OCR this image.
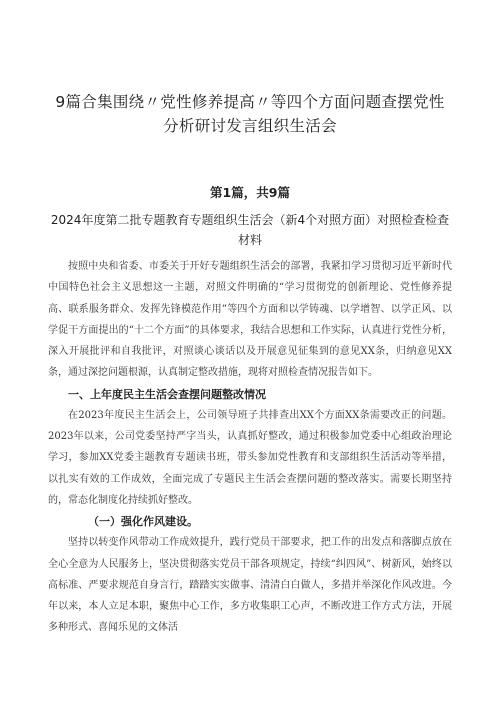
9篇合集围绕〃党性修养提高〃等四个方面问题查摆党性分析研讨发言组织生活会
第1篇，共9篇
2024年度第二批专题教育专题组织生活会（新4个对照方面）对照检查检查材料

按照中央和省委、市委关于开好专题组织生活会的部署，我紧扣学习贯彻习近平新时代中国特色社会主义思想这一主题，对照文件明确的“学习贯彻党的创新理论、党性修养提高、联系服务群众、发挥先锋模范作用”等四个方面和以学铸魂、以学增智、以学正风、以学促干方面提出的“十二个方面”的具体要求，我结合思想和工作实际，认真进行党性分析，深入开展批评和自我批评，对照谈心谈话以及开展意见征集到的意见XX条，归纳意见XX条，通过深挖问题根源，认真制定整改措施，现将对照检查情况报告如下。

一、上年度民主生活会查摆问题整改情况

在2023年度民主生活会上，公司领导班子共排查出XX个方面XX条需要改正的问题。2023年以来，公司党委坚持严字当头，认真抓好整改，通过积极参加党委中心组政治理论学习，参加XX党委主题教育专题读书班，带头参加党性教育和支部组织生活活动等举措，以扎实有效的工作成效，全面完成了专题民主生活会查摆问题的整改落实。需要长期坚持的，常态化制度化持续抓好整改。

（一）强化作风建设。

坚持以转变作风带动工作成效提升，践行党员干部要求，把工作的出发点和落脚点放在全心全意为人民服务上，坚决贯彻落实党员干部各项规定，持续“纠四风”、树新风，始终以高标准、严要求规范自身言行，踏踏实实做事、清清白白做人，多措并举深化作风改进。今年以来，本人立足本职，聚焦中心工作，多方收集职工心声，不断改进工作方式方法，开展多种形式、喜闻乐见的文体活
